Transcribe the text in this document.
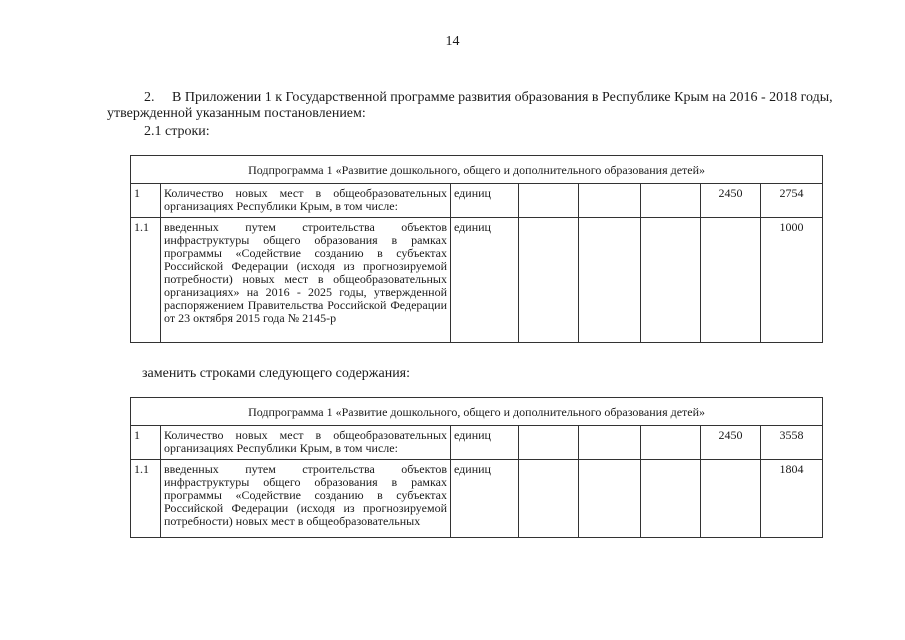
14
2. В Приложении 1 к Государственной программе развития образования в Республике Крым на 2016 - 2018 годы,
утвержденной указанным постановлением:
2.1 строки:
Подпрограмма 1 «Развитие дошкольного, общего и дополнительного образования детей»							
1	Количество новых мест в общеобразовательных организациях Республики Крым, в том числе:	единиц				2450	2754
1.1	введенных путем строительства объектов инфраструктуры общего образования в рамках программы «Содействие созданию в субъектах Российской Федерации (исходя из прогнозируемой потребности) новых мест в общеобразовательных организациях» на 2016 - 2025 годы, утвержденной распоряжением Правительства Российской Федерации от 23 октября 2015 года № 2145-р	единиц					1000
заменить строками следующего содержания:
Подпрограмма 1 «Развитие дошкольного, общего и дополнительного образования детей»							
1	Количество новых мест в общеобразовательных организациях Республики Крым, в том числе:	единиц				2450	3558
1.1	введенных путем строительства объектов инфраструктуры общего образования в рамках программы «Содействие созданию в субъектах Российской Федерации (исходя из прогнозируемой потребности) новых мест в общеобразовательных	единиц					1804
